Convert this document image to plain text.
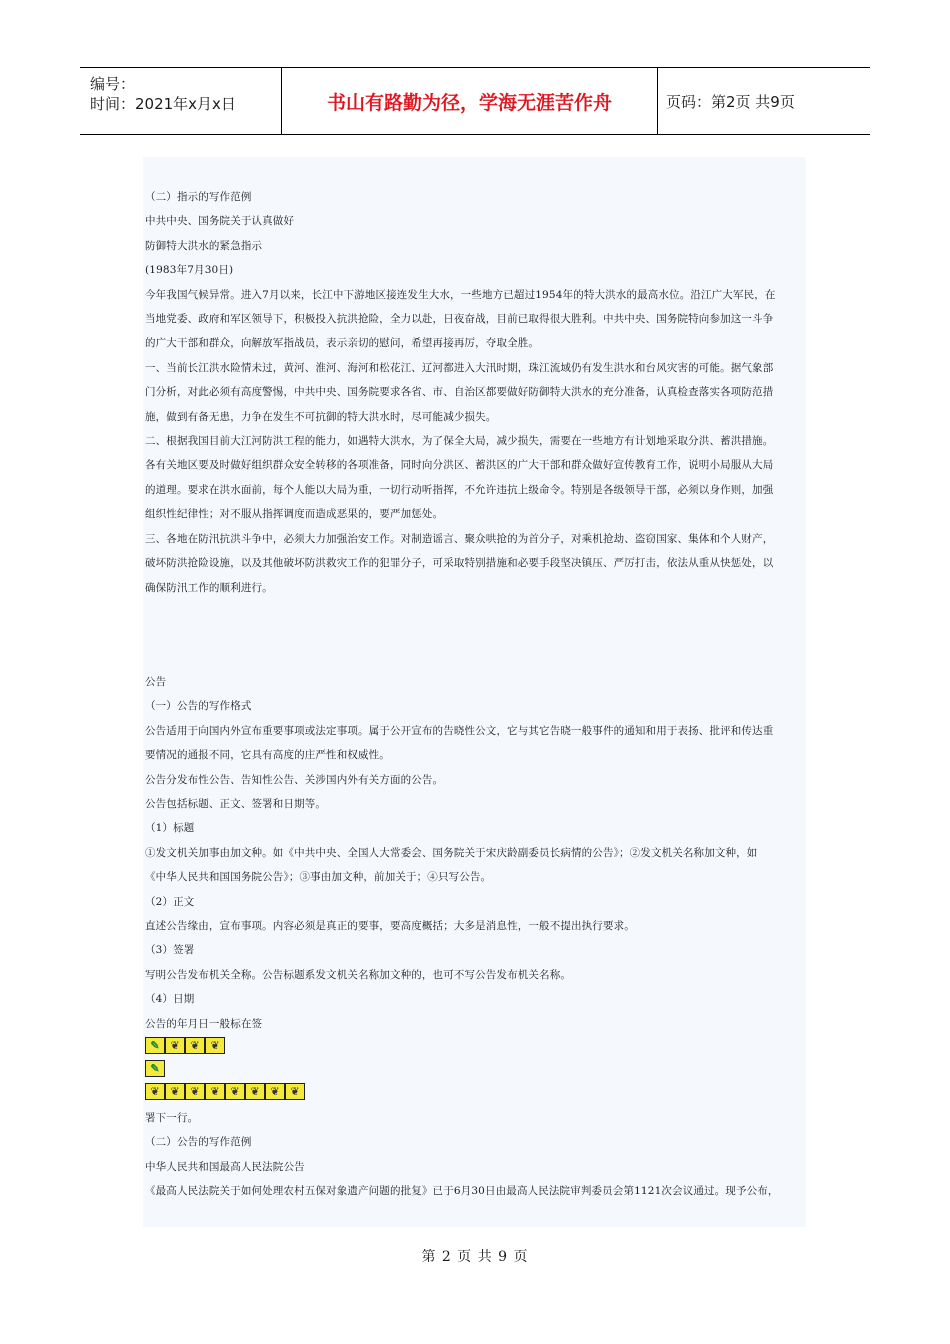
编号：
时间：2021年x月x日	书山有路勤为径，学海无涯苦作舟	页码：第2页 共9页
（二）指示的写作范例
中共中央、国务院关于认真做好
防御特大洪水的紧急指示
(1983年7月30日)
今年我国气候异常。进入7月以来，长江中下游地区接连发生大水，一些地方已超过1954年的特大洪水的最高水位。沿江广大军民，在
当地党委、政府和军区领导下，积极投入抗洪抢险，全力以赴，日夜奋战，目前已取得很大胜利。中共中央、国务院特向参加这一斗争
的广大干部和群众，向解放军指战员，表示亲切的慰问，希望再接再厉，夺取全胜。
一、当前长江洪水险情未过，黄河、淮河、海河和松花江、辽河都进入大汛时期，珠江流域仍有发生洪水和台风灾害的可能。据气象部
门分析，对此必须有高度警惕，中共中央、国务院要求各省、市、自治区都要做好防御特大洪水的充分准备，认真检查落实各项防范措
施，做到有备无患，力争在发生不可抗御的特大洪水时，尽可能减少损失。
二、根据我国目前大江河防洪工程的能力，如遇特大洪水，为了保全大局，减少损失，需要在一些地方有计划地采取分洪、蓄洪措施。
各有关地区要及时做好组织群众安全转移的各项准备，同时向分洪区、蓄洪区的广大干部和群众做好宣传教育工作，说明小局服从大局
的道理。要求在洪水面前，每个人能以大局为重，一切行动听指挥，不允许违抗上级命令。特别是各级领导干部，必须以身作则，加强
组织性纪律性；对不服从指挥调度而造成恶果的，要严加惩处。
三、各地在防汛抗洪斗争中，必须大力加强治安工作。对制造谣言、聚众哄抢的为首分子，对乘机抢劫、盗窃国家、集体和个人财产，
破坏防洪抢险设施，以及其他破坏防洪救灾工作的犯罪分子，可采取特别措施和必要手段坚决镇压、严厉打击，依法从重从快惩处，以
确保防汛工作的顺利进行。
公告
（一）公告的写作格式
公告适用于向国内外宣布重要事项或法定事项。属于公开宣布的告晓性公文，它与其它告晓一般事件的通知和用于表扬、批评和传达重
要情况的通报不同，它具有高度的庄严性和权威性。
公告分发布性公告、告知性公告、关涉国内外有关方面的公告。
公告包括标题、正文、签署和日期等。
（1）标题
①发文机关加事由加文种。如《中共中央、全国人大常委会、国务院关于宋庆龄副委员长病情的公告》；②发文机关名称加文种，如
《中华人民共和国国务院公告》；③事由加文种，前加关于；④只写公告。
（2）正文
直述公告缘由，宣布事项。内容必须是真正的要事，要高度概括；大多是消息性，一般不提出执行要求。
（3）签署
写明公告发布机关全称。公告标题系发文机关名称加文种的，也可不写公告发布机关名称。
（4）日期
公告的年月日一般标在签
✎ ❦ ❦ ❦
✎
❦ ❦ ❦ ❦ ❦ ❦ ❦ ❦
署下一行。
（二）公告的写作范例
中华人民共和国最高人民法院公告
《最高人民法院关于如何处理农村五保对象遗产问题的批复》已于6月30日由最高人民法院审判委员会第1121次会议通过。现予公布，
第 2 页 共 9 页
